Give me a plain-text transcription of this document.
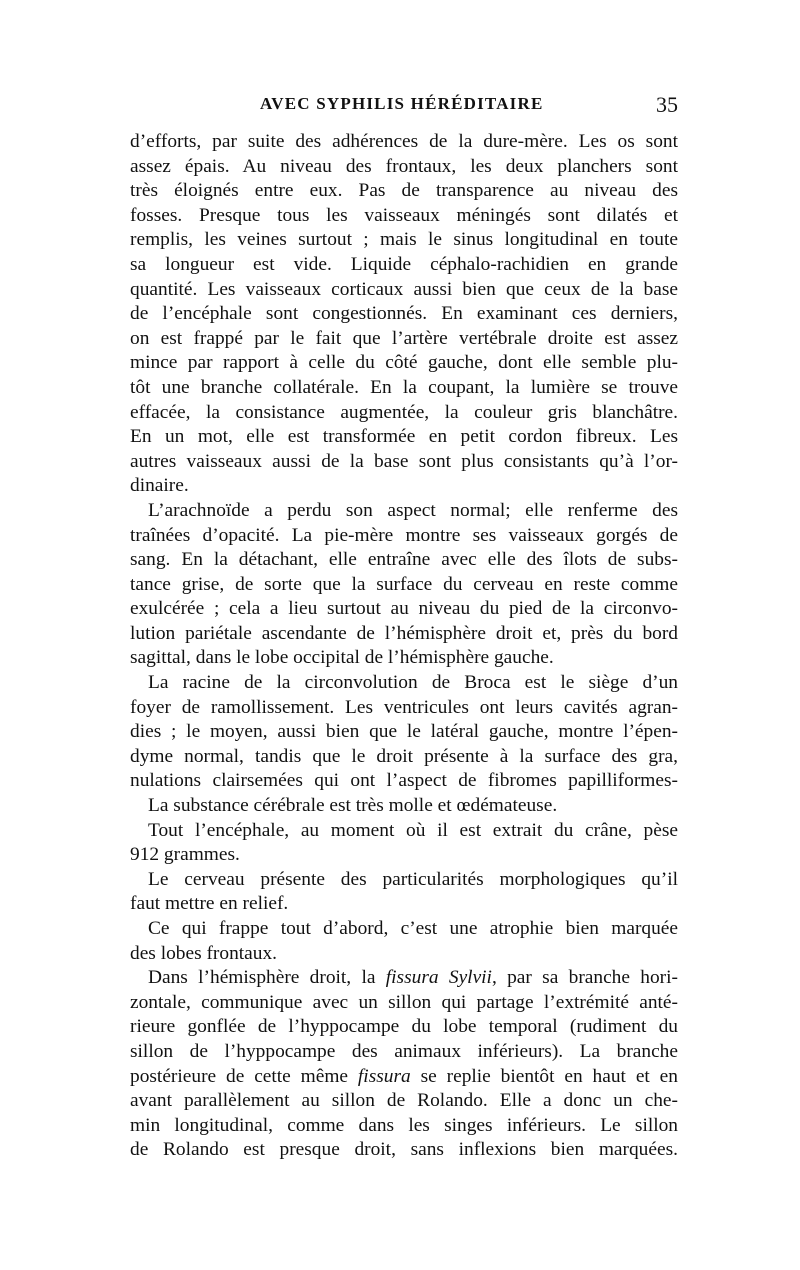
AVEC SYPHILIS HÉRÉDITAIRE	35
d’efforts, par suite des adhérences de la dure-mère. Les os sont
assez épais. Au niveau des frontaux, les deux planchers sont
très éloignés entre eux. Pas de transparence au niveau des
fosses. Presque tous les vaisseaux méningés sont dilatés et
remplis, les veines surtout ; mais le sinus longitudinal en toute
sa longueur est vide. Liquide céphalo-rachidien en grande
quantité. Les vaisseaux corticaux aussi bien que ceux de la base
de l’encéphale sont congestionnés. En examinant ces derniers,
on est frappé par le fait que l’artère vertébrale droite est assez
mince par rapport à celle du côté gauche, dont elle semble plu-
tôt une branche collatérale. En la coupant, la lumière se trouve
effacée, la consistance augmentée, la couleur gris blanchâtre.
En un mot, elle est transformée en petit cordon fibreux. Les
autres vaisseaux aussi de la base sont plus consistants qu’à l’or-
dinaire.
L’arachnoïde a perdu son aspect normal; elle renferme des
traînées d’opacité. La pie-mère montre ses vaisseaux gorgés de
sang. En la détachant, elle entraîne avec elle des îlots de subs-
tance grise, de sorte que la surface du cerveau en reste comme
exulcérée ; cela a lieu surtout au niveau du pied de la circonvo-
lution pariétale ascendante de l’hémisphère droit et, près du bord
sagittal, dans le lobe occipital de l’hémisphère gauche.
La racine de la circonvolution de Broca est le siège d’un
foyer de ramollissement. Les ventricules ont leurs cavités agran-
dies ; le moyen, aussi bien que le latéral gauche, montre l’épen-
dyme normal, tandis que le droit présente à la surface des gra,
nulations clairsemées qui ont l’aspect de fibromes papilliformes-
La substance cérébrale est très molle et œdémateuse.
Tout l’encéphale, au moment où il est extrait du crâne, pèse
912 grammes.
Le cerveau présente des particularités morphologiques qu’il
faut mettre en relief.
Ce qui frappe tout d’abord, c’est une atrophie bien marquée
des lobes frontaux.
Dans l’hémisphère droit, la fissura Sylvii, par sa branche hori-
zontale, communique avec un sillon qui partage l’extrémité anté-
rieure gonflée de l’hyppocampe du lobe temporal (rudiment du
sillon de l’hyppocampe des animaux inférieurs). La branche
postérieure de cette même fissura se replie bientôt en haut et en
avant parallèlement au sillon de Rolando. Elle a donc un che-
min longitudinal, comme dans les singes inférieurs. Le sillon
de Rolando est presque droit, sans inflexions bien marquées.
